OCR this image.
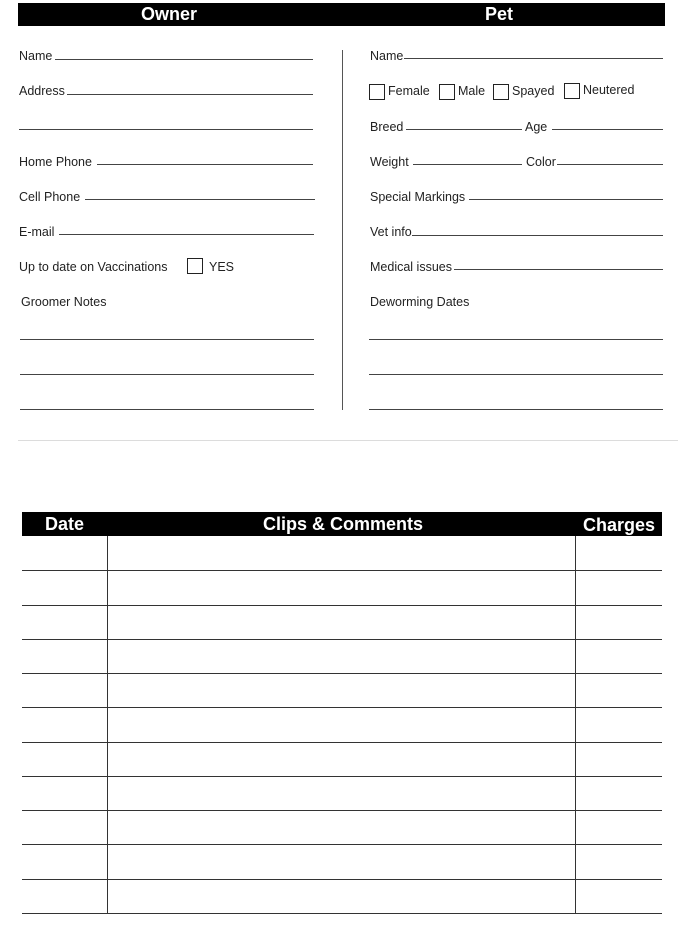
Owner	Pet
Name
Address
Home Phone
Cell Phone
E-mail
Up to date on Vaccinations	YES
Groomer Notes
Name
Female Male Spayed Neutered
Breed	Age
Weight	Color
Special Markings
Vet info
Medical issues
Deworming Dates
Date	Clips & Comments	Charges
